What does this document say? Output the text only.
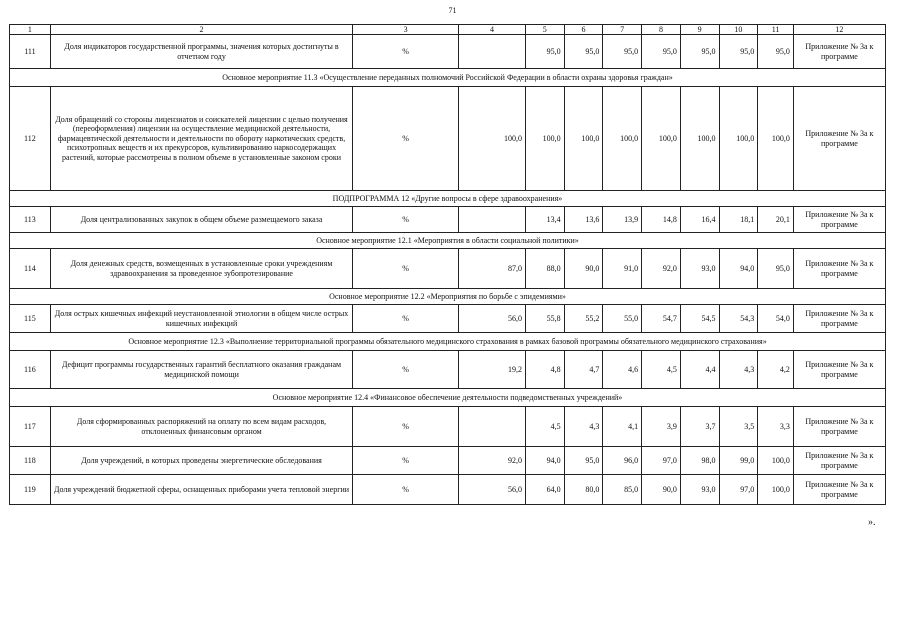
71
1	2	3	4	5	6	7	8	9	10	11	12
111	Доля индикаторов государственной программы, значения которых достигнуты в отчетном году	%		95,0	95,0	95,0	95,0	95,0	95,0	95,0	Приложение № 3а к программе
Основное мероприятие 11.3 «Осуществление переданных полномочий Российской Федерации в области охраны здоровья граждан»											
112	Доля обращений со стороны лицензиатов и соискателей лицензии с целью получения (переоформления) лицензии на осуществление медицинской деятельности, фармацевтической деятельности и деятельности по обороту наркотических средств, психотропных веществ и их прекурсоров, культивированию наркосодержащих растений, которые рассмотрены в полном объеме в установленные законом сроки	%	100,0	100,0	100,0	100,0	100,0	100,0	100,0	100,0	Приложение № 3а к программе
ПОДПРОГРАММА 12 «Другие вопросы в сфере здравоохранения»											
113	Доля централизованных закупок в общем объеме размещаемого заказа	%		13,4	13,6	13,9	14,8	16,4	18,1	20,1	Приложение № 3а к программе
Основное мероприятие 12.1 «Мероприятия в области социальной политики»											
114	Доля денежных средств, возмещенных в установленные сроки учреждениям здравоохранения за проведенное зубопротезирование	%	87,0	88,0	90,0	91,0	92,0	93,0	94,0	95,0	Приложение № 3а к программе
Основное мероприятие 12.2 «Мероприятия по борьбе с эпидемиями»											
115	Доля острых кишечных инфекций неустановленной этиологии в общем числе острых кишечных инфекций	%	56,0	55,8	55,2	55,0	54,7	54,5	54,3	54,0	Приложение № 3а к программе
Основное мероприятие 12.3 «Выполнение территориальной программы обязательного медицинского страхования в рамках базовой программы обязательного медицинского страхования»											
116	Дефицит программы государственных гарантий бесплатного оказания гражданам медицинской помощи	%	19,2	4,8	4,7	4,6	4,5	4,4	4,3	4,2	Приложение № 3а к программе
Основное мероприятие 12.4 «Финансовое обеспечение деятельности подведомственных учреждений»											
117	Доля сформированных распоряжений на оплату по всем видам расходов, отклоненных финансовым органом	%		4,5	4,3	4,1	3,9	3,7	3,5	3,3	Приложение № 3а к программе
118	Доля учреждений, в которых проведены энергетические обследования	%	92,0	94,0	95,0	96,0	97,0	98,0	99,0	100,0	Приложение № 3а к программе
119	Доля учреждений бюджетной сферы, оснащенных приборами учета тепловой энергии	%	56,0	64,0	80,0	85,0	90,0	93,0	97,0	100,0	Приложение № 3а к программе
».
